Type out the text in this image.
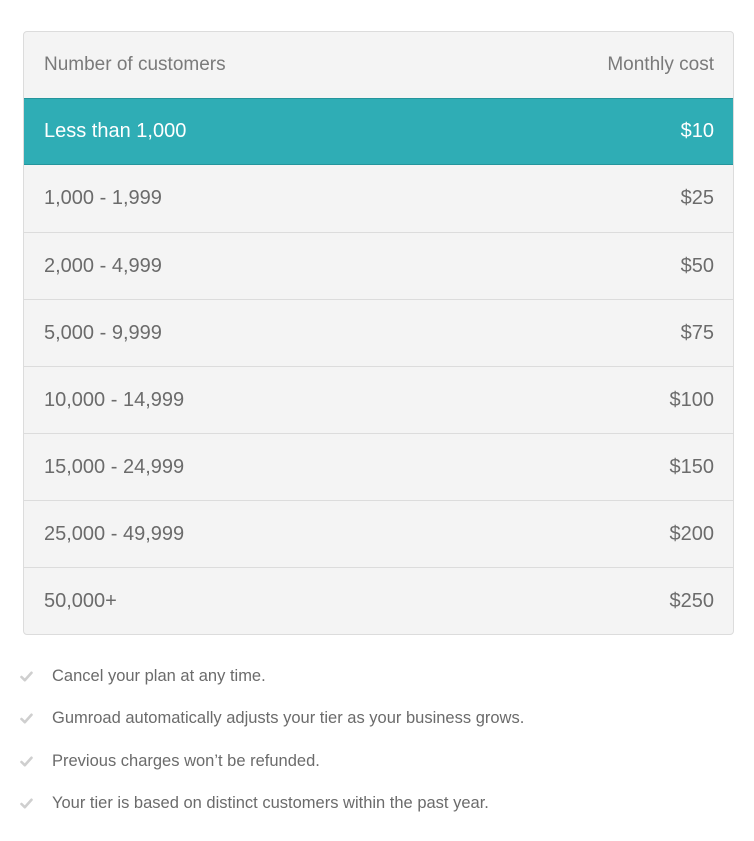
Number of customers	Monthly cost
Less than 1,000	$10
1,000 - 1,999	$25
2,000 - 4,999	$50
5,000 - 9,999	$75
10,000 - 14,999	$100
15,000 - 24,999	$150
25,000 - 49,999	$200
50,000+	$250
Cancel your plan at any time.
Gumroad automatically adjusts your tier as your business grows.
Previous charges won’t be refunded.
Your tier is based on distinct customers within the past year.
